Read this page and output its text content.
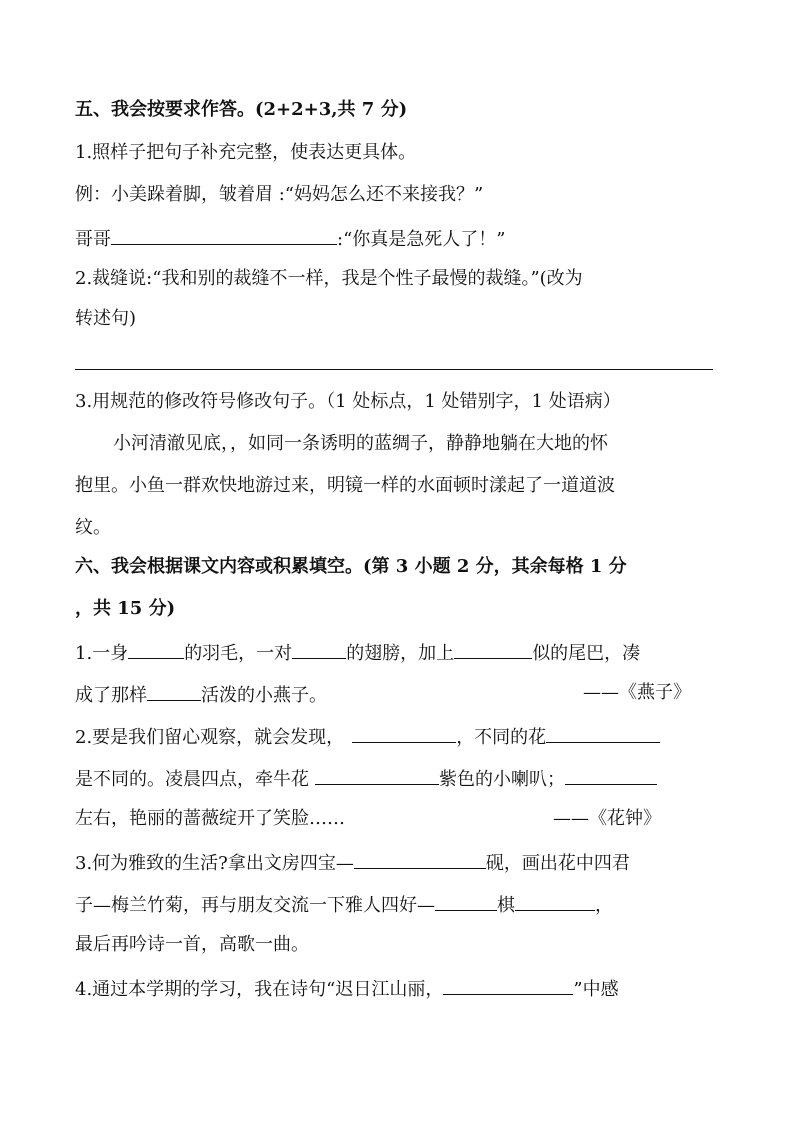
五、我会按要求作答。(2+2+3,共 7 分)
1.照样子把句子补充完整，使表达更具体。
例：小美跺着脚，皱着眉 :“妈妈怎么还不来接我？”
哥哥	:“你真是急死人了！”
2.裁缝说:“我和别的裁缝不一样，我是个性子最慢的裁缝。”(改为
转述句)
3.用规范的修改符号修改句子。（1 处标点，1 处错别字，1 处语病）
小河清澈见底，，如同一条诱明的蓝绸子，静静地躺在大地的怀
抱里。小鱼一群欢快地游过来，明镜一样的水面顿时漾起了一道道波
纹。
六、我会根据课文内容或积累填空。(第 3 小题 2 分，其余每格 1 分
，共 15 分)
1.一身	的羽毛，一对	的翅膀，加上	似的尾巴，凑
成了那样	活泼的小燕子。	——《燕子》
2.要是我们留心观察，就会发现，	，不同的花
是不同的。凌晨四点，牵牛花	紫色的小喇叭；
左右，艳丽的蔷薇绽开了笑脸……	——《花钟》
3.何为雅致的生活?拿出文房四宝—	砚，画出花中四君
子—梅兰竹菊，再与朋友交流一下雅人四好—	棋	，
最后再吟诗一首，高歌一曲。
4.通过本学期的学习，我在诗句“迟日江山丽，	”中感
